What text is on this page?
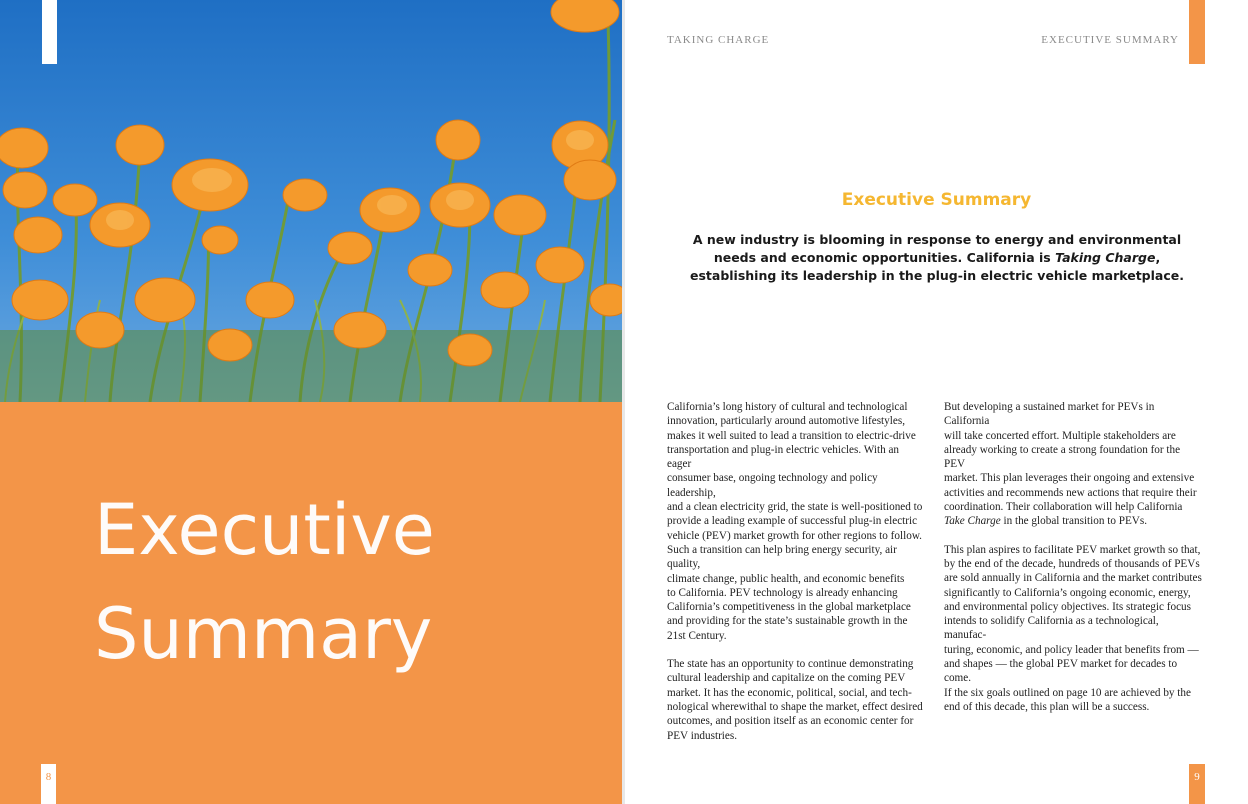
Executive
Summary
8

TAKING CHARGE	EXECUTIVE SUMMARY

Executive Summary

A new industry is blooming in response to energy and environmental needs and economic opportunities. California is Taking Charge, establishing its leadership in the plug-in electric vehicle marketplace.

California’s long history of cultural and technological
innovation, particularly around automotive lifestyles,
makes it well suited to lead a transition to electric-drive
transportation and plug-in electric vehicles. With an eager
consumer base, ongoing technology and policy leadership,
and a clean electricity grid, the state is well-positioned to
provide a leading example of successful plug-in electric
vehicle (PEV) market growth for other regions to follow.
Such a transition can help bring energy security, air quality,
climate change, public health, and economic benefits
to California. PEV technology is already enhancing
California’s competitiveness in the global marketplace
and providing for the state’s sustainable growth in the
21st Century.

The state has an opportunity to continue demonstrating
cultural leadership and capitalize on the coming PEV
market. It has the economic, political, social, and tech-
nological wherewithal to shape the market, effect desired
outcomes, and position itself as an economic center for
PEV industries.

But developing a sustained market for PEVs in California
will take concerted effort. Multiple stakeholders are
already working to create a strong foundation for the PEV
market. This plan leverages their ongoing and extensive
activities and recommends new actions that require their
coordination. Their collaboration will help California
Take Charge in the global transition to PEVs.

This plan aspires to facilitate PEV market growth so that,
by the end of the decade, hundreds of thousands of PEVs
are sold annually in California and the market contributes
significantly to California’s ongoing economic, energy,
and environmental policy objectives. Its strategic focus
intends to solidify California as a technological, manufac-
turing, economic, and policy leader that benefits from —
and shapes — the global PEV market for decades to come.
If the six goals outlined on page 10 are achieved by the
end of this decade, this plan will be a success.

9
